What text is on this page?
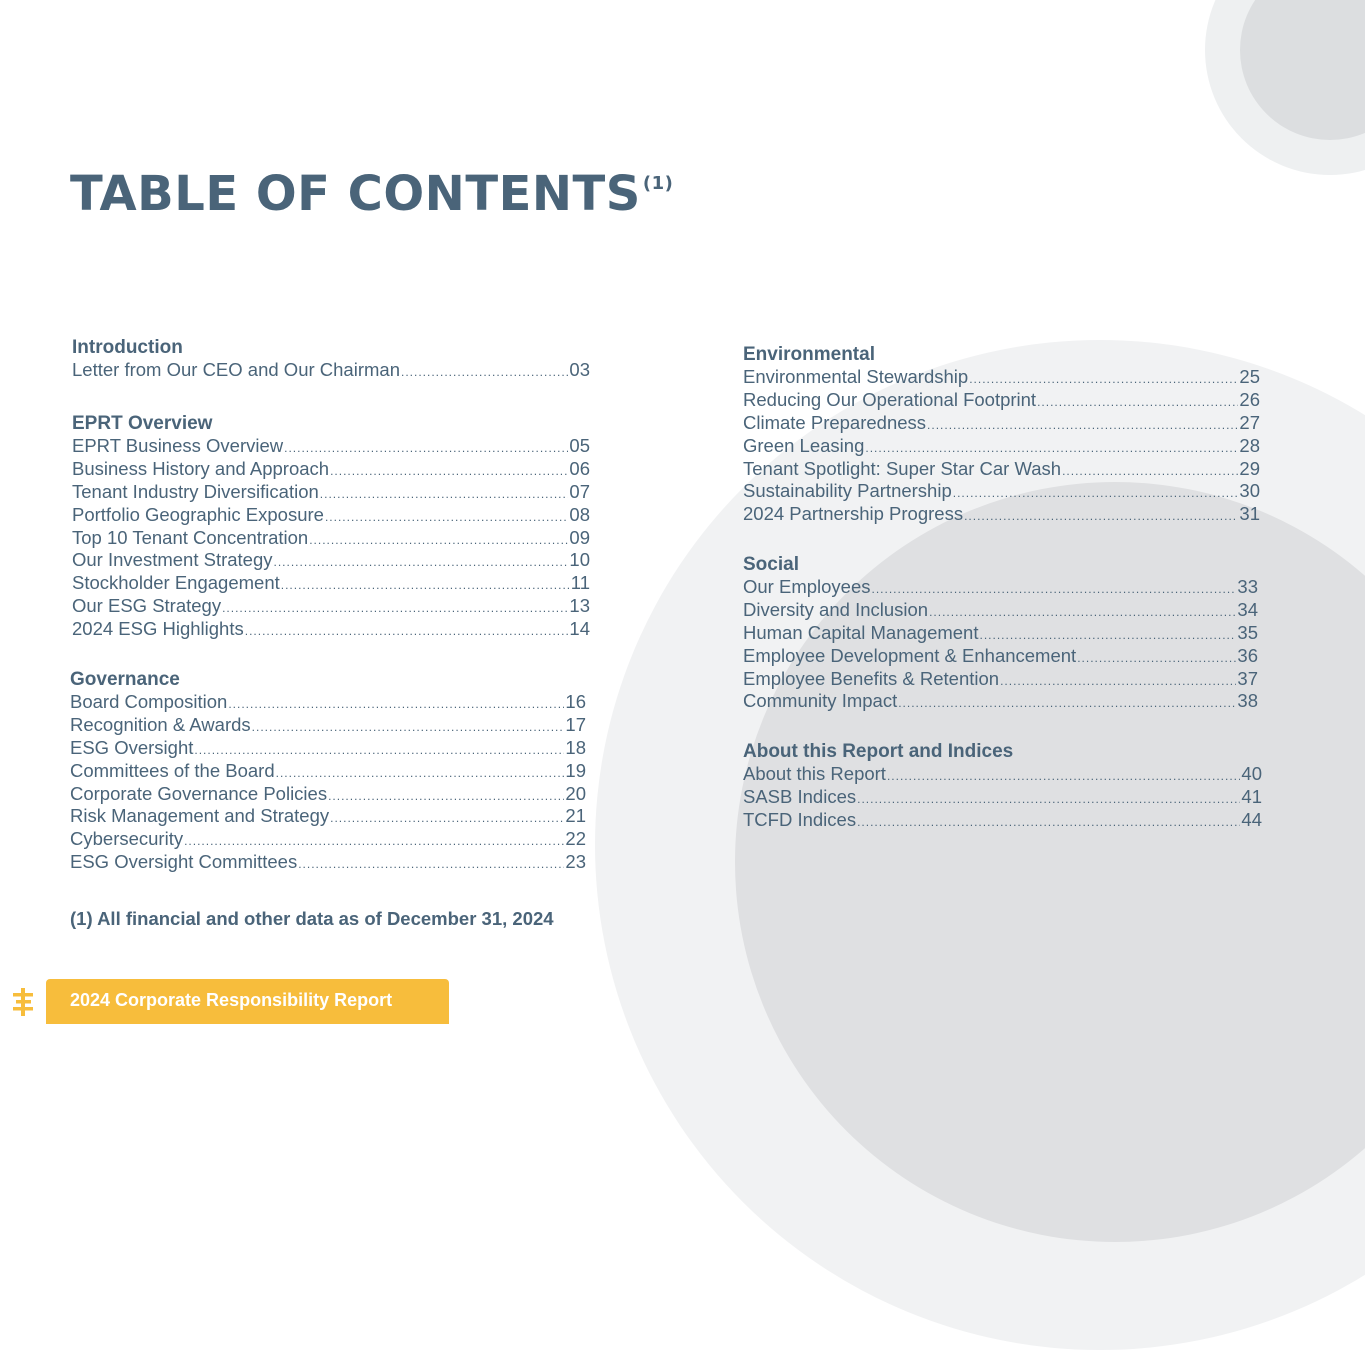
TABLE OF CONTENTS $^{(1)}$
Introduction
Letter from Our CEO and Our Chairman .....	03
EPRT Overview
EPRT Business Overview .....	05
Business History and Approach .....	06
Tenant Industry Diversification .....	07
Portfolio Geographic Exposure .....	08
Top 10 Tenant Concentration .....	09
Our Investment Strategy .....	10
Stockholder Engagement .....	11
Our ESG Strategy .....	13
2024 ESG Highlights .....	14
Governance
Board Composition .....	16
Recognition & Awards .....	17
ESG Oversight .....	18
Committees of the Board .....	19
Corporate Governance Policies .....	20
Risk Management and Strategy .....	21
Cybersecurity .....	22
ESG Oversight Committees .....	23
Environmental
Environmental Stewardship .....	25
Reducing Our Operational Footprint .....	26
Climate Preparedness .....	27
Green Leasing .....	28
Tenant Spotlight: Super Star Car Wash .....	29
Sustainability Partnership .....	30
2024 Partnership Progress .....	31
Social
Our Employees .....	33
Diversity and Inclusion .....	34
Human Capital Management .....	35
Employee Development & Enhancement .....	36
Employee Benefits & Retention .....	37
Community Impact .....	38
About this Report and Indices
About this Report .....	40
SASB Indices .....	41
TCFD Indices .....	44

(1) All financial and other data as of December 31, 2024

2024 Corporate Responsibility Report
